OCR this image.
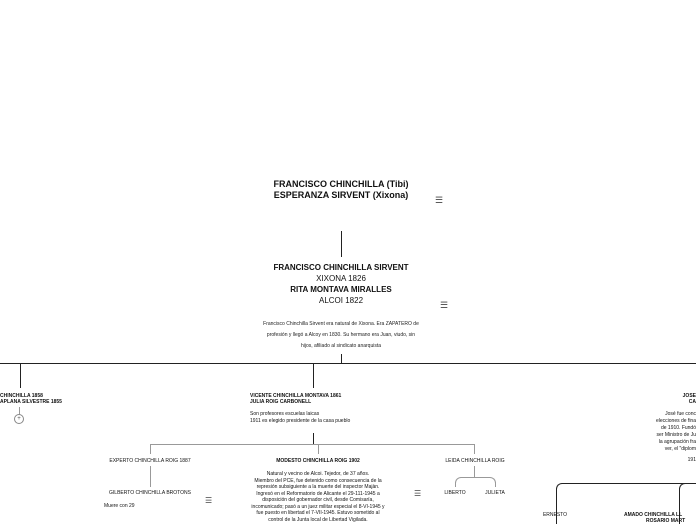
FRANCISCO CHINCHILLA (Tibi)
ESPERANZA SIRVENT (Xixona)	☰
FRANCISCO CHINCHILLA SIRVENT
XIXONA 1826
RITA MONTAVA MIRALLES
ALCOI 1822	☰
Francisco Chinchilla Sirvent era natural de Xixona. Era ZAPATERO de
profesión y llegó a Alcoy en 1830. Su hermano era Juan, viudo, sin
hijos, afiliado al sindicato anarquista
CHINCHILLA 1858
APLANA SILVESTRE 1855
+
VICENTE CHINCHILLA MONTAVA 1861
JULIA ROIG CARBONELL
Son profesores escuelas laicas
1911 es elegido presidente de la casa pueblo
JOSE
CA
José fue conc
elecciones de fina
de 1910. Fundó
ser Ministro de Ju
la agrupación fra
ver, el "diplom
191
EXPERTO CHINCHILLA ROIG 1887
GILBERTO CHINCHILLA BROTONS
Muere con 29
☰
MODESTO CHINCHILLA ROIG 1902
Natural y vecino de Alcoi. Tejedor, de 37 años.
Miembro del PCE, fue detenido como consecuencia de la
represión subsiguiente a la muerte del inspector Majàn.
Ingresó en el Reformatorio de Alicante el 29-111-1945 a
disposición del gobernador civil, desde Comisaría,
incomunicado; pasó a un juez militar especial el 8-VI-1945 y
fue puesto en libertad el 7-VII-1945. Estuvo sometido al
control de la Junta local de Libertad Vigilada.
☰
LEIDA CHINCHILLA ROIG
LIBERTO	JULIETA
ERNESTO	AMADO CHINCHILLA LL
ROSARIO MART
